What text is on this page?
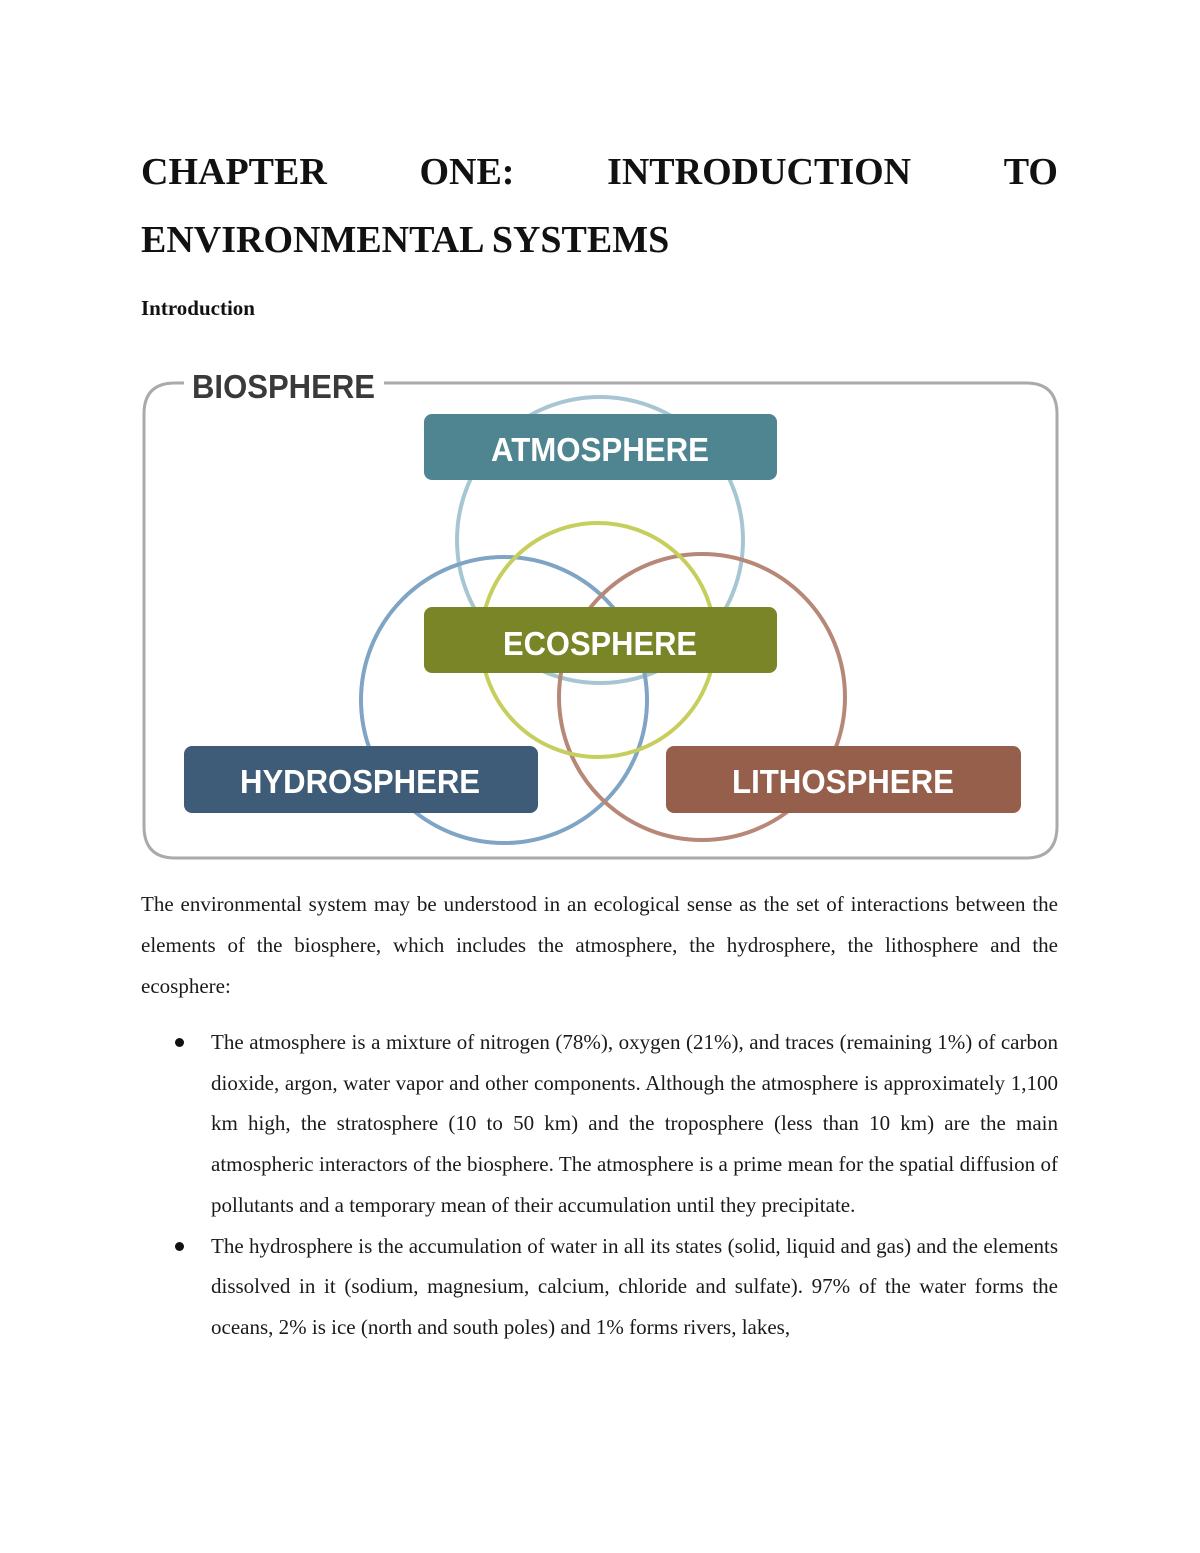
CHAPTER ONE: INTRODUCTION TO
ENVIRONMENTAL SYSTEMS
Introduction
BIOSPHERE
ATMOSPHERE
ECOSPHERE
HYDROSPHERE	LITHOSPHERE

The environmental system may be understood in an ecological sense as the set of interactions between the elements of the biosphere, which includes the atmosphere, the hydrosphere, the lithosphere and the ecosphere:

The atmosphere is a mixture of nitrogen (78%), oxygen (21%), and traces (remaining 1%) of carbon dioxide, argon, water vapor and other components. Although the atmosphere is approximately 1,100 km high, the stratosphere (10 to 50 km) and the troposphere (less than 10 km) are the main atmospheric interactors of the biosphere. The atmosphere is a prime mean for the spatial diffusion of pollutants and a temporary mean of their accumulation until they precipitate.
The hydrosphere is the accumulation of water in all its states (solid, liquid and gas) and the elements dissolved in it (sodium, magnesium, calcium, chloride and sulfate). 97% of the water forms the oceans, 2% is ice (north and south poles) and 1% forms rivers, lakes,
